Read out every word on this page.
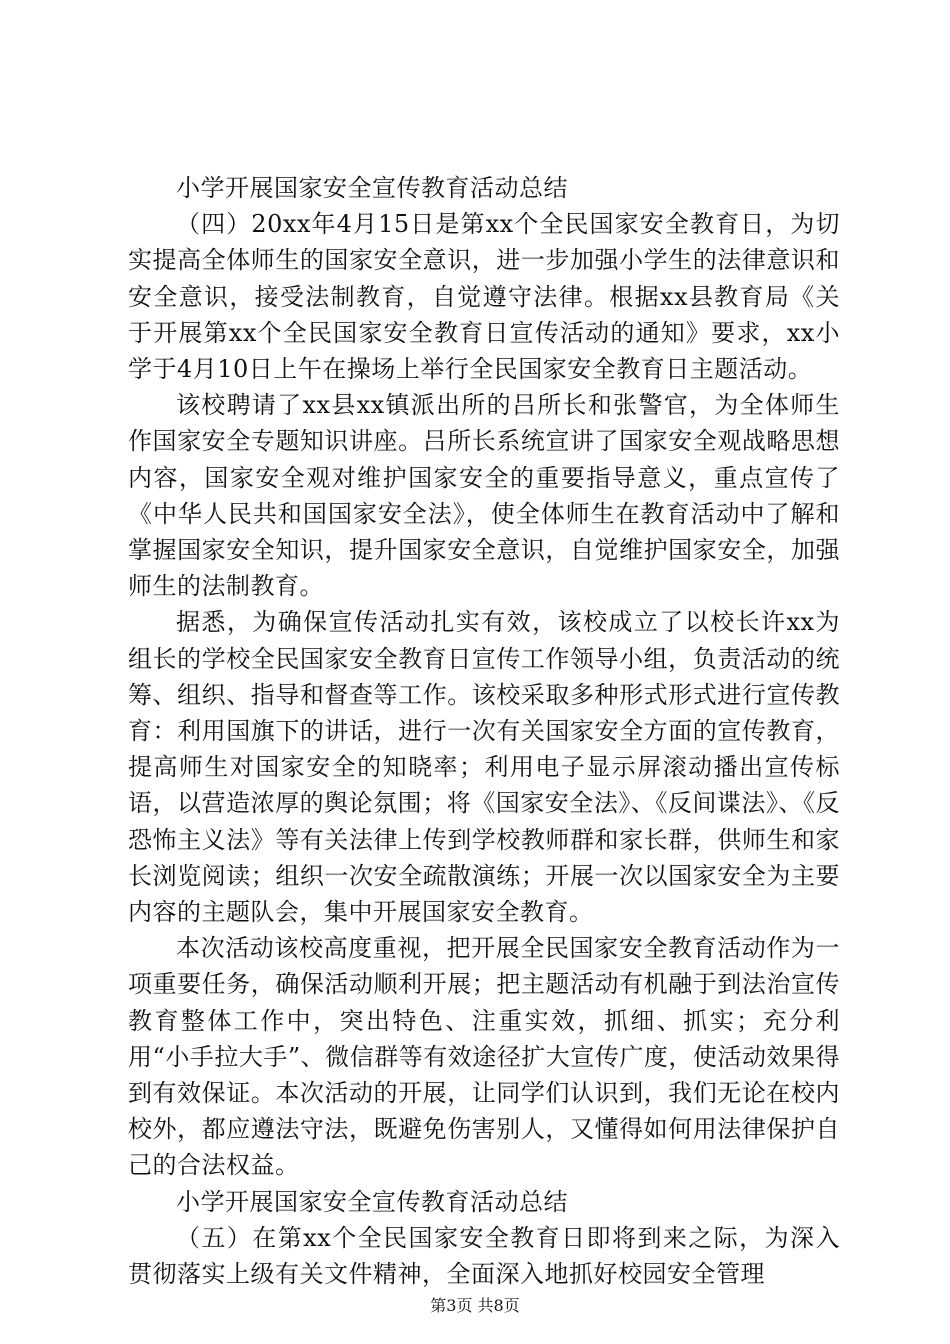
小学开展国家安全宣传教育活动总结

（四）20xx年4月15日是第xx个全民国家安全教育日，为切实提高全体师生的国家安全意识，进一步加强小学生的法律意识和安全意识，接受法制教育，自觉遵守法律。根据xx县教育局《关于开展第xx个全民国家安全教育日宣传活动的通知》要求，xx小学于4月10日上午在操场上举行全民国家安全教育日主题活动。

该校聘请了xx县xx镇派出所的吕所长和张警官，为全体师生作国家安全专题知识讲座。吕所长系统宣讲了国家安全观战略思想内容，国家安全观对维护国家安全的重要指导意义，重点宣传了《中华人民共和国国家安全法》，使全体师生在教育活动中了解和掌握国家安全知识，提升国家安全意识，自觉维护国家安全，加强师生的法制教育。

据悉，为确保宣传活动扎实有效，该校成立了以校长许xx为组长的学校全民国家安全教育日宣传工作领导小组，负责活动的统筹、组织、指导和督查等工作。该校采取多种形式形式进行宣传教育：利用国旗下的讲话，进行一次有关国家安全方面的宣传教育，提高师生对国家安全的知晓率；利用电子显示屏滚动播出宣传标语，以营造浓厚的舆论氛围；将《国家安全法》、《反间谍法》、《反恐怖主义法》等有关法律上传到学校教师群和家长群，供师生和家长浏览阅读；组织一次安全疏散演练；开展一次以国家安全为主要内容的主题队会，集中开展国家安全教育。

本次活动该校高度重视，把开展全民国家安全教育活动作为一项重要任务，确保活动顺利开展；把主题活动有机融于到法治宣传教育整体工作中，突出特色、注重实效，抓细、抓实；充分利用“小手拉大手”、微信群等有效途径扩大宣传广度，使活动效果得到有效保证。本次活动的开展，让同学们认识到，我们无论在校内校外，都应遵法守法，既避免伤害别人，又懂得如何用法律保护自己的合法权益。

小学开展国家安全宣传教育活动总结

（五）在第xx个全民国家安全教育日即将到来之际，为深入贯彻落实上级有关文件精神，全面深入地抓好校园安全管理

第3页 共8页
